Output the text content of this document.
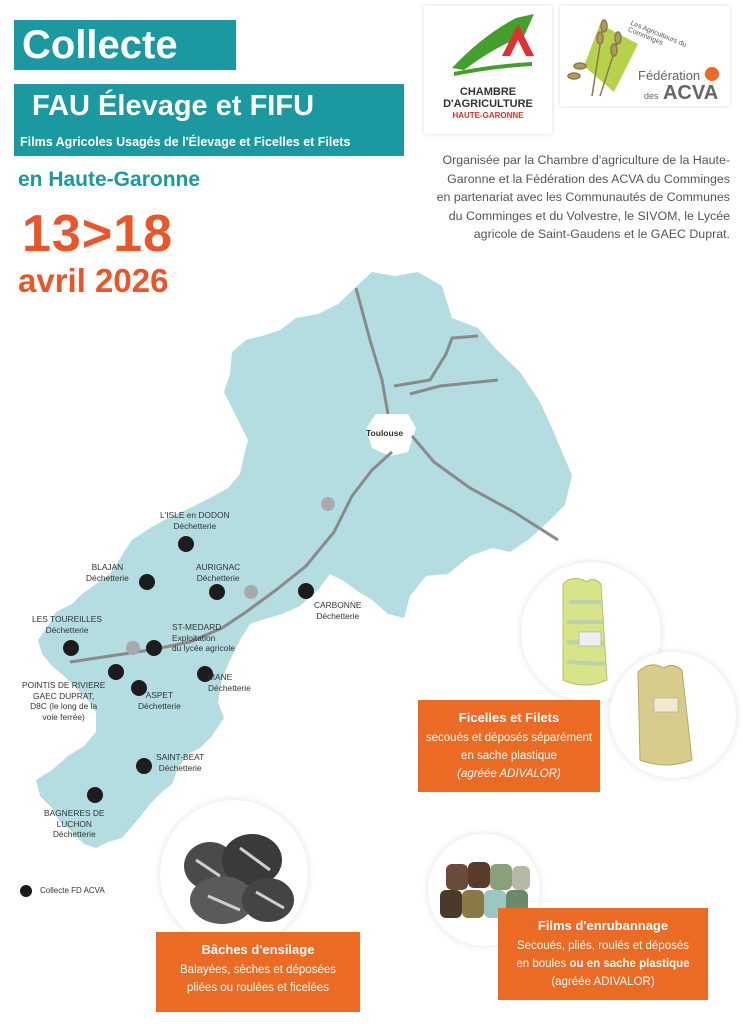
Collecte
FAU Élevage et FIFU
Films Agricoles Usagés de l'Élevage et Ficelles et Filets
en Haute-Garonne
13>18
avril 2026
Organisée par la Chambre d'agriculture de la Haute-Garonne et la Fédération des ACVA du Comminges en partenariat avec les Communautés de Communes du Comminges et du Volvestre, le SIVOM, le Lycée agricole de Saint-Gaudens et le GAEC Duprat.
CHAMBRE
D'AGRICULTURE
HAUTE-GARONNE
Les Agriculteurs du Comminges
Fédération
des ACVA
Toulouse
L'ISLE en DODON
Déchetterie
BLAJAN
Déchetterie
AURIGNAC
Déchetterie
CARBONNE
Déchetterie
LES TOUREILLES
Déchetterie	ST-MEDARD
Exploitation
du lycée agricole
POINTIS DE RIVIERE
GAEC DUPRAT,
D8C (le long de la
voie ferrée)
ASPET
Déchetterie
MANE
Déchetterie
SAINT-BEAT
Déchetterie
BAGNERES DE
LUCHON
Déchetterie
Collecte FD ACVA
Ficelles et Filets
secoués et déposés séparément
en sache plastique
(agréée ADIVALOR)
Bâches d'ensilage
Balayées, sèches et déposées
pliées ou roulées et ficelées
Films d'enrubannage
Secoués, pliés, roulés et déposés
en boules ou en sache plastique
(agréée ADIVALOR)
